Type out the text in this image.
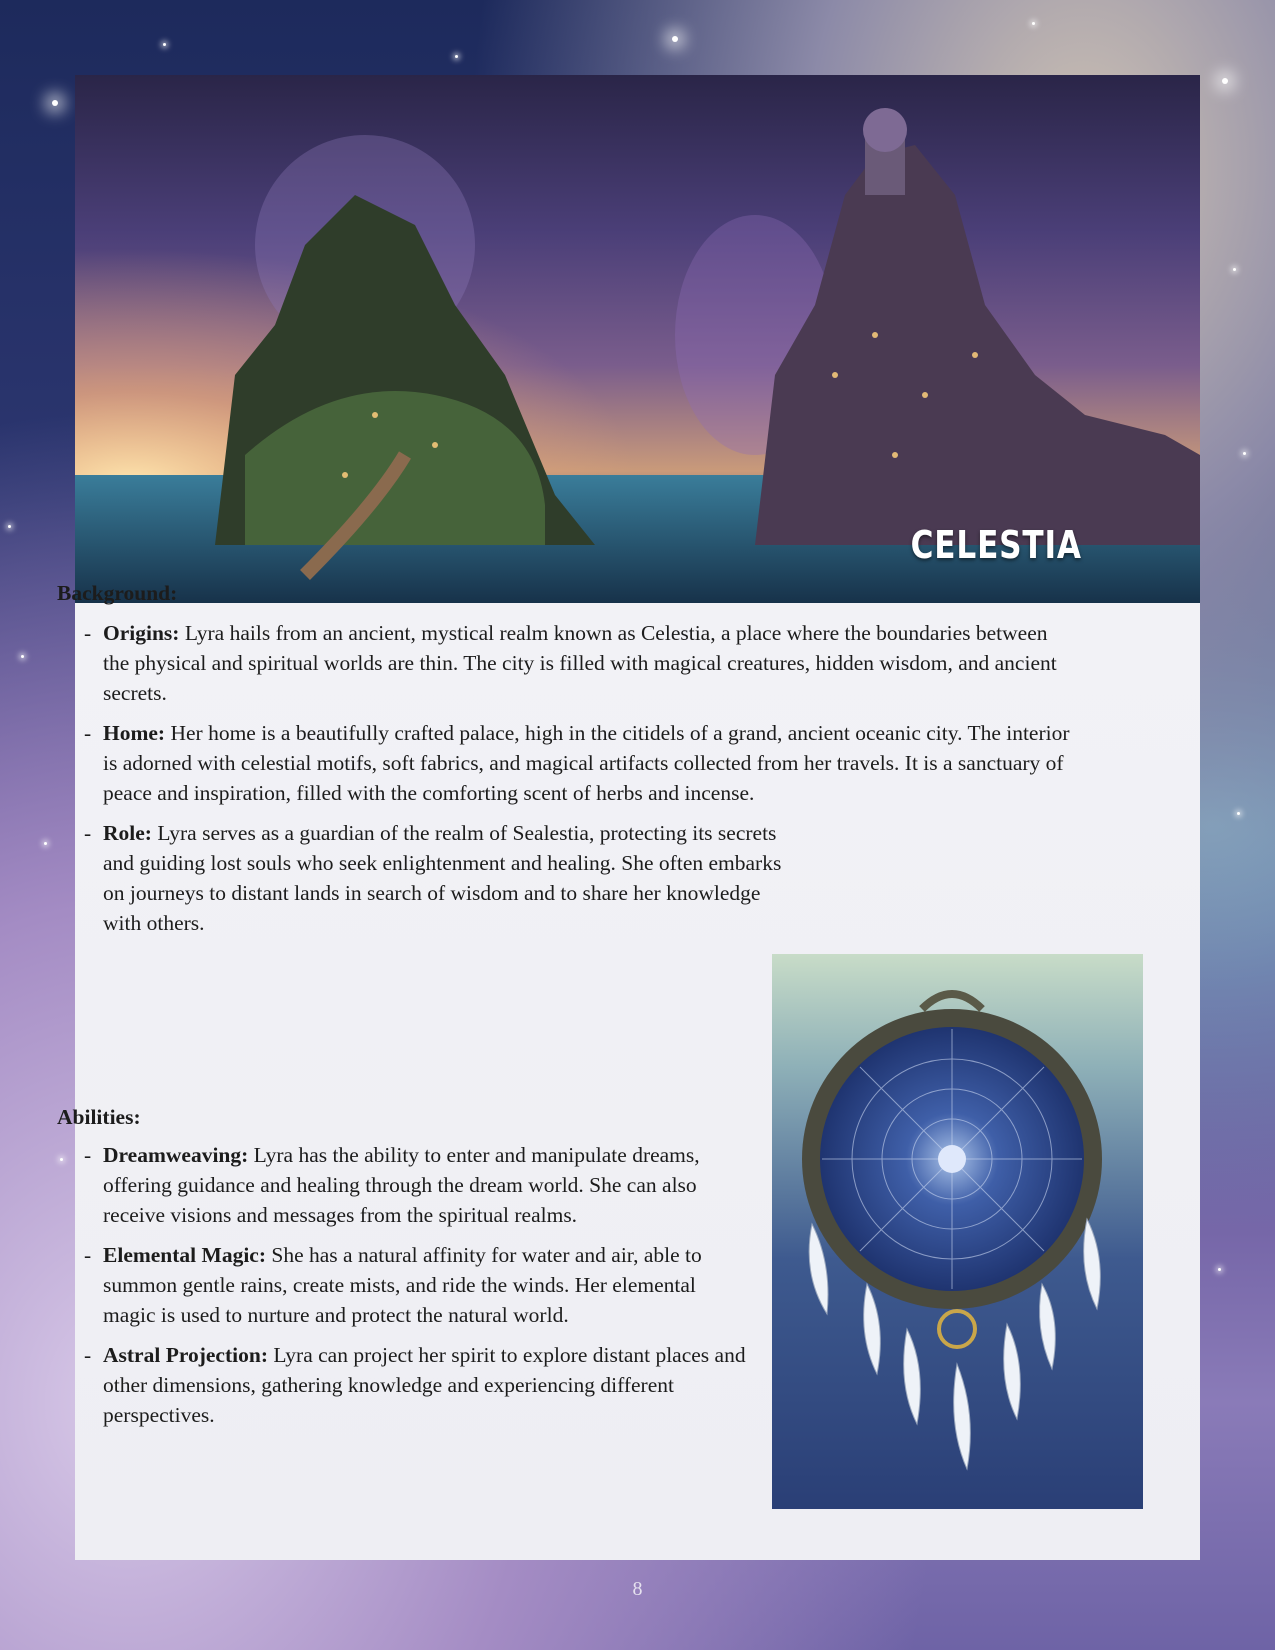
CELESTIA

Background:

- Origins: Lyra hails from an ancient, mystical realm known as Celestia, a place where the boundaries between the physical and spiritual worlds are thin. The city is filled with magical creatures, hidden wisdom, and ancient secrets.
- Home: Her home is a beautifully crafted palace, high in the citidels of a grand, ancient oceanic city. The interior is adorned with celestial motifs, soft fabrics, and magical artifacts collected from her travels. It is a sanctuary of peace and inspiration, filled with the comforting scent of herbs and incense.
- Role: Lyra serves as a guardian of the realm of Sealestia, protecting its secrets and guiding lost souls who seek enlightenment and healing. She often embarks on journeys to distant lands in search of wisdom and to share her knowledge with others.

Abilities:

- Dreamweaving: Lyra has the ability to enter and manipulate dreams, offering guidance and healing through the dream world. She can also receive visions and messages from the spiritual realms.
- Elemental Magic: She has a natural affinity for water and air, able to summon gentle rains, create mists, and ride the winds. Her elemental magic is used to nurture and protect the natural world.
- Astral Projection: Lyra can project her spirit to explore distant places and other dimensions, gathering knowledge and experiencing different perspectives.
8
